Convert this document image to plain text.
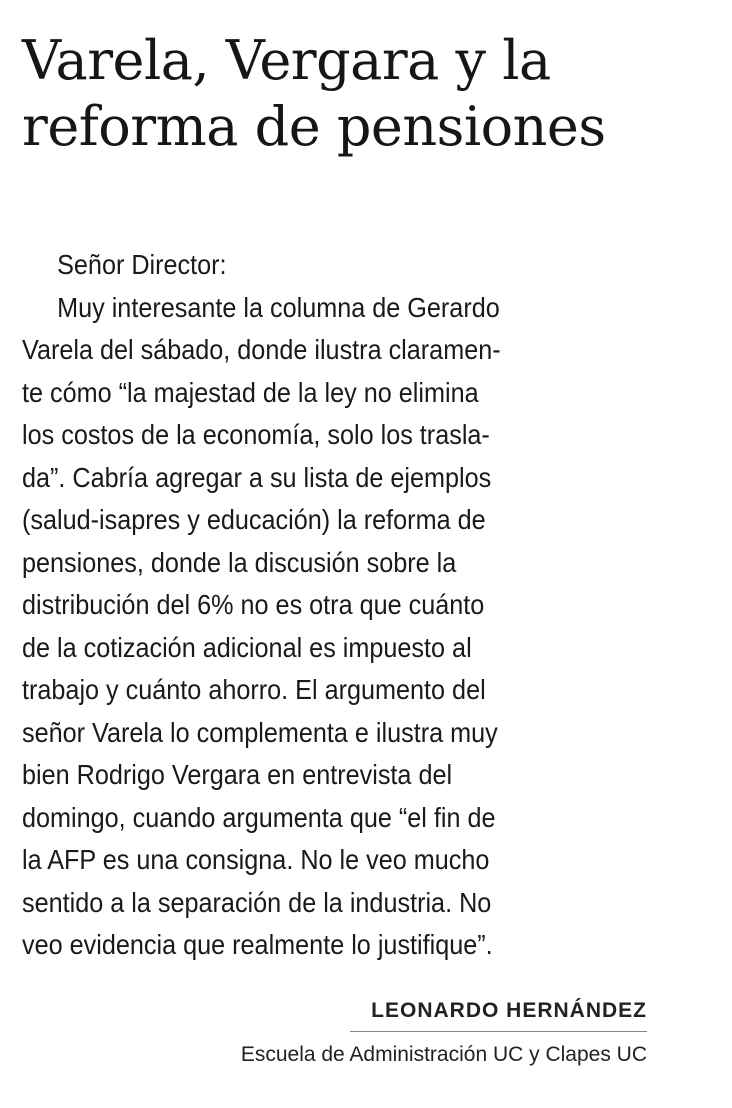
Varela, Vergara y la
reforma de pensiones
Señor Director:
Muy interesante la columna de Gerardo
Varela del sábado, donde ilustra claramen-
te cómo “la majestad de la ley no elimina
los costos de la economía, solo los trasla-
da”. Cabría agregar a su lista de ejemplos
(salud-isapres y educación) la reforma de
pensiones, donde la discusión sobre la
distribución del 6% no es otra que cuánto
de la cotización adicional es impuesto al
trabajo y cuánto ahorro. El argumento del
señor Varela lo complementa e ilustra muy
bien Rodrigo Vergara en entrevista del
domingo, cuando argumenta que “el fin de
la AFP es una consigna. No le veo mucho
sentido a la separación de la industria. No
veo evidencia que realmente lo justifique”.
LEONARDO HERNÁNDEZ
Escuela de Administración UC y Clapes UC
